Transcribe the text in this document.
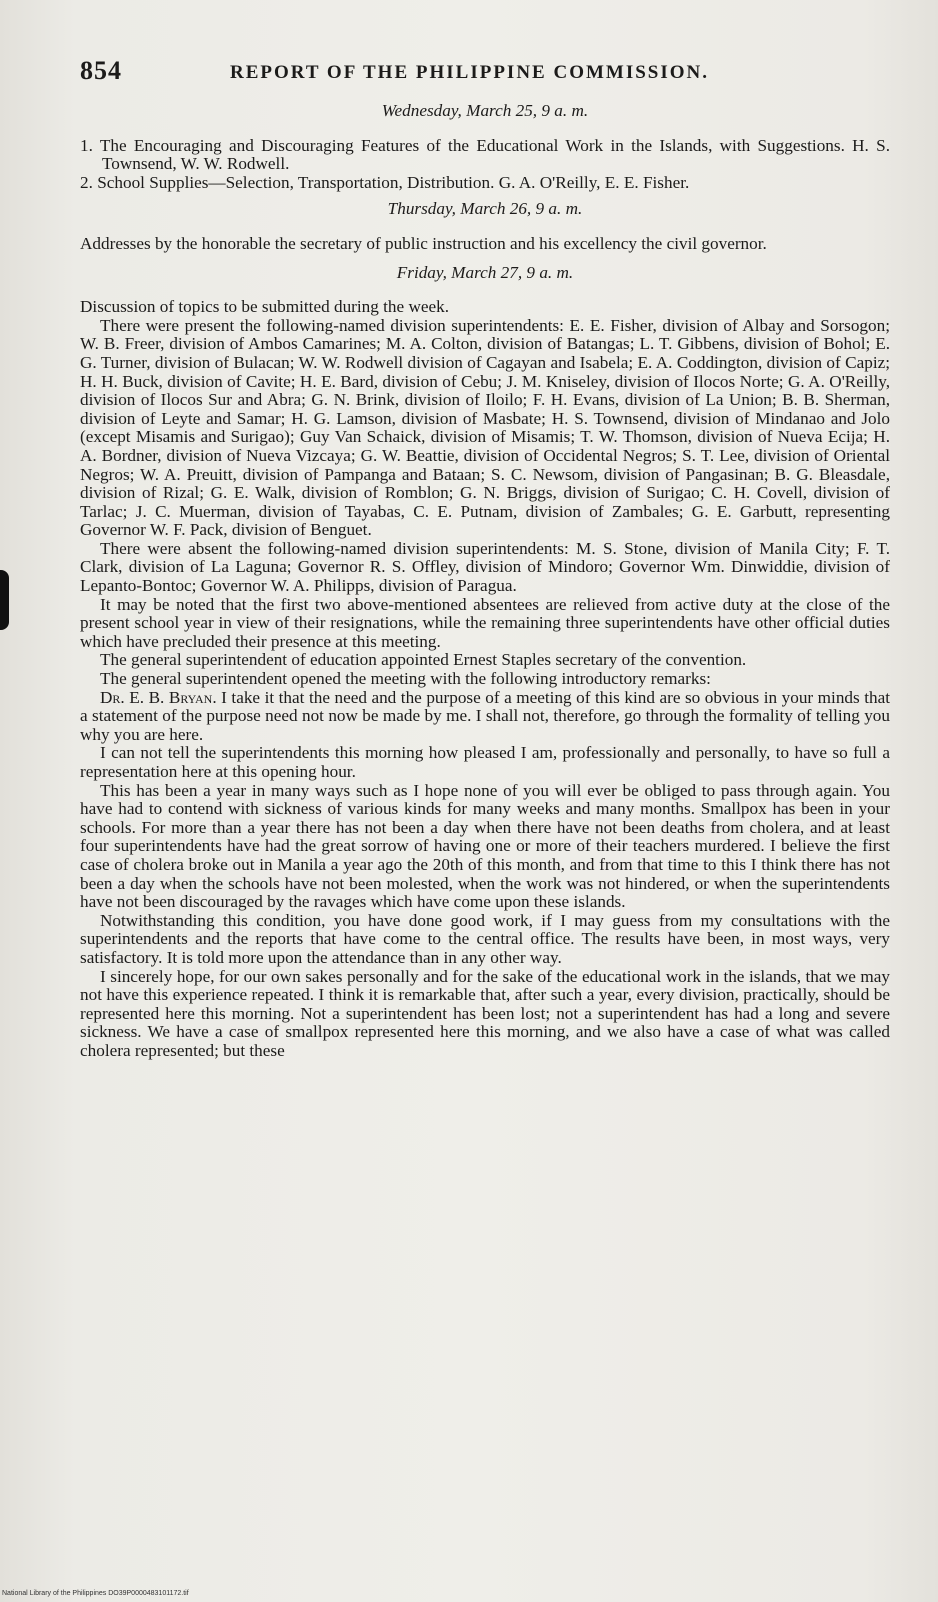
854	REPORT OF THE PHILIPPINE COMMISSION.

Wednesday, March 25, 9 a. m.

1. The Encouraging and Discouraging Features of the Educational Work in the Islands, with Suggestions. H. S. Townsend, W. W. Rodwell.
2. School Supplies—Selection, Transportation, Distribution. G. A. O'Reilly, E. E. Fisher.

Thursday, March 26, 9 a. m.

Addresses by the honorable the secretary of public instruction and his excellency the civil governor.

Friday, March 27, 9 a. m.

Discussion of topics to be submitted during the week.

There were present the following-named division superintendents: E. E. Fisher, division of Albay and Sorsogon; W. B. Freer, division of Ambos Camarines; M. A. Colton, division of Batangas; L. T. Gibbens, division of Bohol; E. G. Turner, division of Bulacan; W. W. Rodwell division of Cagayan and Isabela; E. A. Coddington, division of Capiz; H. H. Buck, division of Cavite; H. E. Bard, division of Cebu; J. M. Kniseley, division of Ilocos Norte; G. A. O'Reilly, division of Ilocos Sur and Abra; G. N. Brink, division of Iloilo; F. H. Evans, division of La Union; B. B. Sherman, division of Leyte and Samar; H. G. Lamson, division of Masbate; H. S. Townsend, division of Mindanao and Jolo (except Misamis and Surigao); Guy Van Schaick, division of Misamis; T. W. Thomson, division of Nueva Ecija; H. A. Bordner, division of Nueva Vizcaya; G. W. Beattie, division of Occidental Negros; S. T. Lee, division of Oriental Negros; W. A. Preuitt, division of Pampanga and Bataan; S. C. Newsom, division of Pangasinan; B. G. Bleasdale, division of Rizal; G. E. Walk, division of Romblon; G. N. Briggs, division of Surigao; C. H. Covell, division of Tarlac; J. C. Muerman, division of Tayabas, C. E. Putnam, division of Zambales; G. E. Garbutt, representing Governor W. F. Pack, division of Benguet.

There were absent the following-named division superintendents: M. S. Stone, division of Manila City; F. T. Clark, division of La Laguna; Governor R. S. Offley, division of Mindoro; Governor Wm. Dinwiddie, division of Lepanto-Bontoc; Governor W. A. Philipps, division of Paragua.

It may be noted that the first two above-mentioned absentees are relieved from active duty at the close of the present school year in view of their resignations, while the remaining three superintendents have other official duties which have precluded their presence at this meeting.

The general superintendent of education appointed Ernest Staples secretary of the convention.

The general superintendent opened the meeting with the following introductory remarks:

Dr. E. B. Bryan. I take it that the need and the purpose of a meeting of this kind are so obvious in your minds that a statement of the purpose need not now be made by me. I shall not, therefore, go through the formality of telling you why you are here.

I can not tell the superintendents this morning how pleased I am, professionally and personally, to have so full a representation here at this opening hour.

This has been a year in many ways such as I hope none of you will ever be obliged to pass through again. You have had to contend with sickness of various kinds for many weeks and many months. Smallpox has been in your schools. For more than a year there has not been a day when there have not been deaths from cholera, and at least four superintendents have had the great sorrow of having one or more of their teachers murdered. I believe the first case of cholera broke out in Manila a year ago the 20th of this month, and from that time to this I think there has not been a day when the schools have not been molested, when the work was not hindered, or when the superintendents have not been discouraged by the ravages which have come upon these islands.

Notwithstanding this condition, you have done good work, if I may guess from my consultations with the superintendents and the reports that have come to the central office. The results have been, in most ways, very satisfactory. It is told more upon the attendance than in any other way.

I sincerely hope, for our own sakes personally and for the sake of the educational work in the islands, that we may not have this experience repeated. I think it is remarkable that, after such a year, every division, practically, should be represented here this morning. Not a superintendent has been lost; not a superintendent has had a long and severe sickness. We have a case of smallpox represented here this morning, and we also have a case of what was called cholera represented; but these

National Library of the Philippines DO39P0000483101172.tif
